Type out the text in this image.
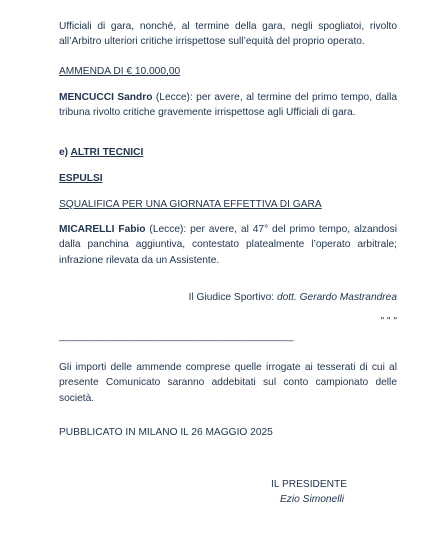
Ufficiali di gara, nonché, al termine della gara, negli spogliatoi, rivolto all’Arbitro ulteriori critiche irrispettose sull’equità del proprio operato.
AMMENDA DI € 10.000,00
MENCUCCI Sandro (Lecce): per avere, al termine del primo tempo, dalla tribuna rivolto critiche gravemente irrispettose agli Ufficiali di gara.
e) ALTRI TECNICI
ESPULSI
SQUALIFICA PER UNA GIORNATA EFFETTIVA DI GARA
MICARELLI Fabio (Lecce): per avere, al 47° del primo tempo, alzandosi dalla panchina aggiuntiva, contestato platealmente l’operato arbitrale; infrazione rilevata da un Assistente.
Il Giudice Sportivo: dott. Gerardo Mastrandrea
" " "
________________________________________
Gli importi delle ammende comprese quelle irrogate ai tesserati di cui al presente Comunicato saranno addebitati sul conto campionato delle società.
PUBBLICATO IN MILANO IL 26 MAGGIO 2025
IL PRESIDENTE
Ezio Simonelli
